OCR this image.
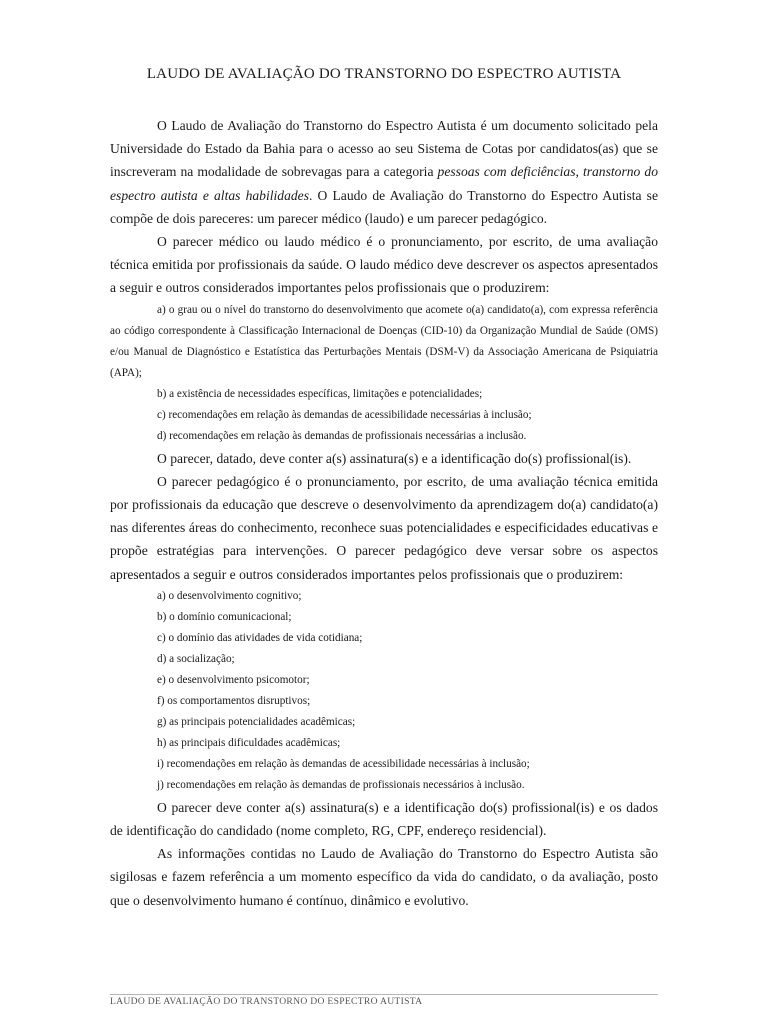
LAUDO DE AVALIAÇÃO DO TRANSTORNO DO ESPECTRO AUTISTA

O Laudo de Avaliação do Transtorno do Espectro Autista é um documento solicitado pela Universidade do Estado da Bahia para o acesso ao seu Sistema de Cotas por candidatos(as) que se inscreveram na modalidade de sobrevagas para a categoria pessoas com deficiências, transtorno do espectro autista e altas habilidades. O Laudo de Avaliação do Transtorno do Espectro Autista se compõe de dois pareceres: um parecer médico (laudo) e um parecer pedagógico.

O parecer médico ou laudo médico é o pronunciamento, por escrito, de uma avaliação técnica emitida por profissionais da saúde. O laudo médico deve descrever os aspectos apresentados a seguir e outros considerados importantes pelos profissionais que o produzirem:

a) o grau ou o nível do transtorno do desenvolvimento que acomete o(a) candidato(a), com expressa referência ao código correspondente à Classificação Internacional de Doenças (CID-10) da Organização Mundial de Saúde (OMS) e/ou Manual de Diagnóstico e Estatística das Perturbações Mentais (DSM-V) da Associação Americana de Psiquiatria (APA);
b) a existência de necessidades específicas, limitações e potencialidades;
c) recomendações em relação às demandas de acessibilidade necessárias à inclusão;
d) recomendações em relação às demandas de profissionais necessárias a inclusão.

O parecer, datado, deve conter a(s) assinatura(s) e a identificação do(s) profissional(is).

O parecer pedagógico é o pronunciamento, por escrito, de uma avaliação técnica emitida por profissionais da educação que descreve o desenvolvimento da aprendizagem do(a) candidato(a) nas diferentes áreas do conhecimento, reconhece suas potencialidades e especificidades educativas e propõe estratégias para intervenções. O parecer pedagógico deve versar sobre os aspectos apresentados a seguir e outros considerados importantes pelos profissionais que o produzirem:

a) o desenvolvimento cognitivo;
b) o domínio comunicacional;
c) o domínio das atividades de vida cotidiana;
d) a socialização;
e) o desenvolvimento psicomotor;
f) os comportamentos disruptivos;
g) as principais potencialidades acadêmicas;
h) as principais dificuldades acadêmicas;
i) recomendações em relação às demandas de acessibilidade necessárias à inclusão;
j) recomendações em relação às demandas de profissionais necessários à inclusão.

O parecer deve conter a(s) assinatura(s) e a identificação do(s) profissional(is) e os dados de identificação do candidado (nome completo, RG, CPF, endereço residencial).

As informações contidas no Laudo de Avaliação do Transtorno do Espectro Autista são sigilosas e fazem referência a um momento específico da vida do candidato, o da avaliação, posto que o desenvolvimento humano é contínuo, dinâmico e evolutivo.

LAUDO DE AVALIAÇÃO DO TRANSTORNO DO ESPECTRO AUTISTA
